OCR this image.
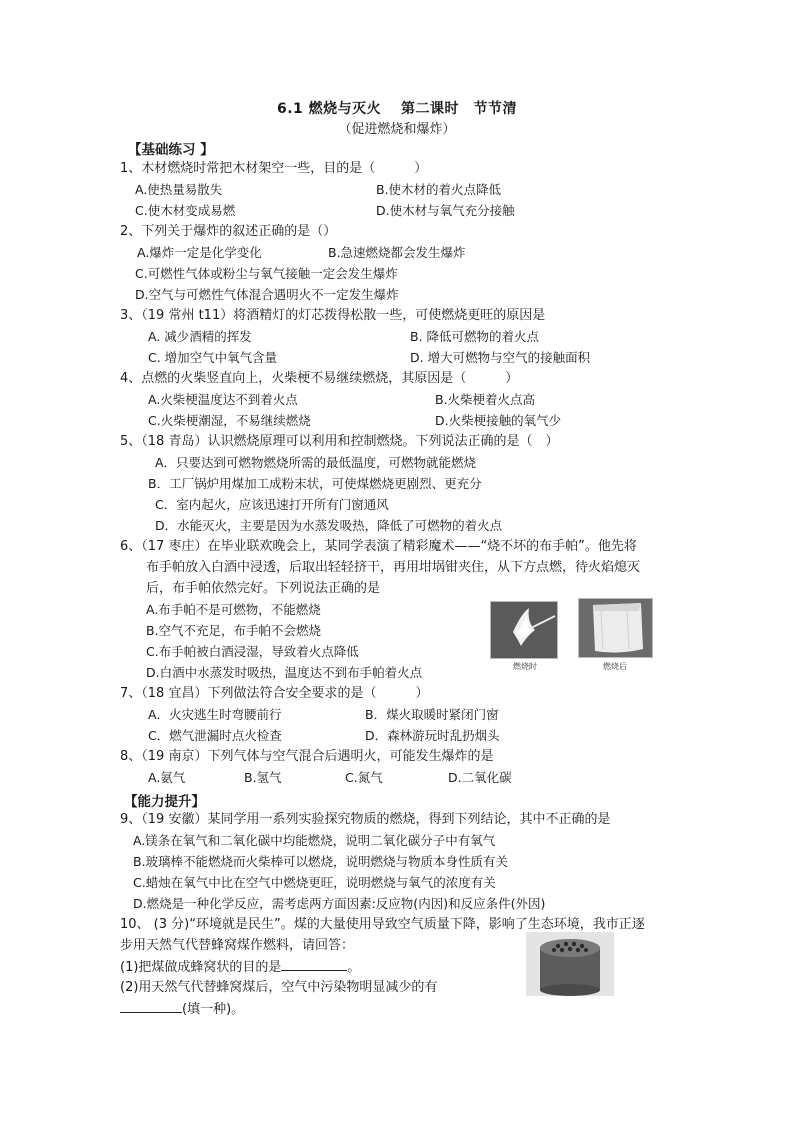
6.1 燃烧与灭火　 第二课时　节节清
（促进燃烧和爆炸）
【基础练习 】
1、木材燃烧时常把木材架空一些，目的是（　　　）
A.使热量易散失	B.使木材的着火点降低
C.使木材变成易燃	D.使木材与氧气充分接触
2、下列关于爆炸的叙述正确的是（）
A.爆炸一定是化学变化	B.急速燃烧都会发生爆炸
C.可燃性气体或粉尘与氧气接触一定会发生爆炸
D.空气与可燃性气体混合遇明火不一定发生爆炸
3、（19 常州 t11）将酒精灯的灯芯拨得松散一些，可使燃烧更旺的原因是
A. 减少酒精的挥发	B. 降低可燃物的着火点
C. 增加空气中氧气含量	D. 增大可燃物与空气的接触面积
4、点燃的火柴竖直向上，火柴梗不易继续燃烧，其原因是（　　　）
A.火柴梗温度达不到着火点	B.火柴梗着火点高
C.火柴梗潮湿，不易继续燃烧	D.火柴梗接触的氧气少
5、（18 青岛）认识燃烧原理可以利用和控制燃烧。下列说法正确的是（　）
A．只要达到可燃物燃烧所需的最低温度，可燃物就能燃烧
B．工厂锅炉用煤加工成粉末状，可使煤燃烧更剧烈、更充分
C．室内起火，应该迅速打开所有门窗通风
D．水能灭火，主要是因为水蒸发吸热，降低了可燃物的着火点
6、（17 枣庄）在毕业联欢晚会上，某同学表演了精彩魔术——“烧不坏的布手帕”。他先将
布手帕放入白酒中浸透，后取出轻轻挤干，再用坩埚钳夹住，从下方点燃，待火焰熄灭
后，布手帕依然完好。下列说法正确的是
A.布手帕不是可燃物，不能燃烧
B.空气不充足，布手帕不会燃烧
C.布手帕被白酒浸湿，导致着火点降低
D.白酒中水蒸发时吸热，温度达不到布手帕着火点	燃烧时	燃烧后
7、（18 宜昌）下列做法符合安全要求的是（　　　）
A．火灾逃生时弯腰前行	B．煤火取暖时紧闭门窗
C．燃气泄漏时点火检查	D．森林游玩时乱扔烟头
8、（19 南京）下列气体与空气混合后遇明火，可能发生爆炸的是
A.氨气	B.氢气	C.氮气	D.二氧化碳
【能力提升】
9、（19 安徽）某同学用一系列实验探究物质的燃烧，得到下列结论，其中不正确的是
A.镁条在氧气和二氧化碳中均能燃烧，说明二氧化碳分子中有氧气
B.玻璃棒不能燃烧而火柴棒可以燃烧，说明燃烧与物质本身性质有关
C.蜡烛在氧气中比在空气中燃烧更旺，说明燃烧与氧气的浓度有关
D.燃烧是一种化学反应，需考虑两方面因素:反应物(内因)和反应条件(外因)
10、 (3 分)“环境就是民生”。煤的大量使用导致空气质量下降，影响了生态环境，我市正逐
步用天然气代替蜂窝煤作燃料，请回答：
(1)把煤做成蜂窝状的目的是	。
(2)用天然气代替蜂窝煤后，空气中污染物明显减少的有
(填一种)。
